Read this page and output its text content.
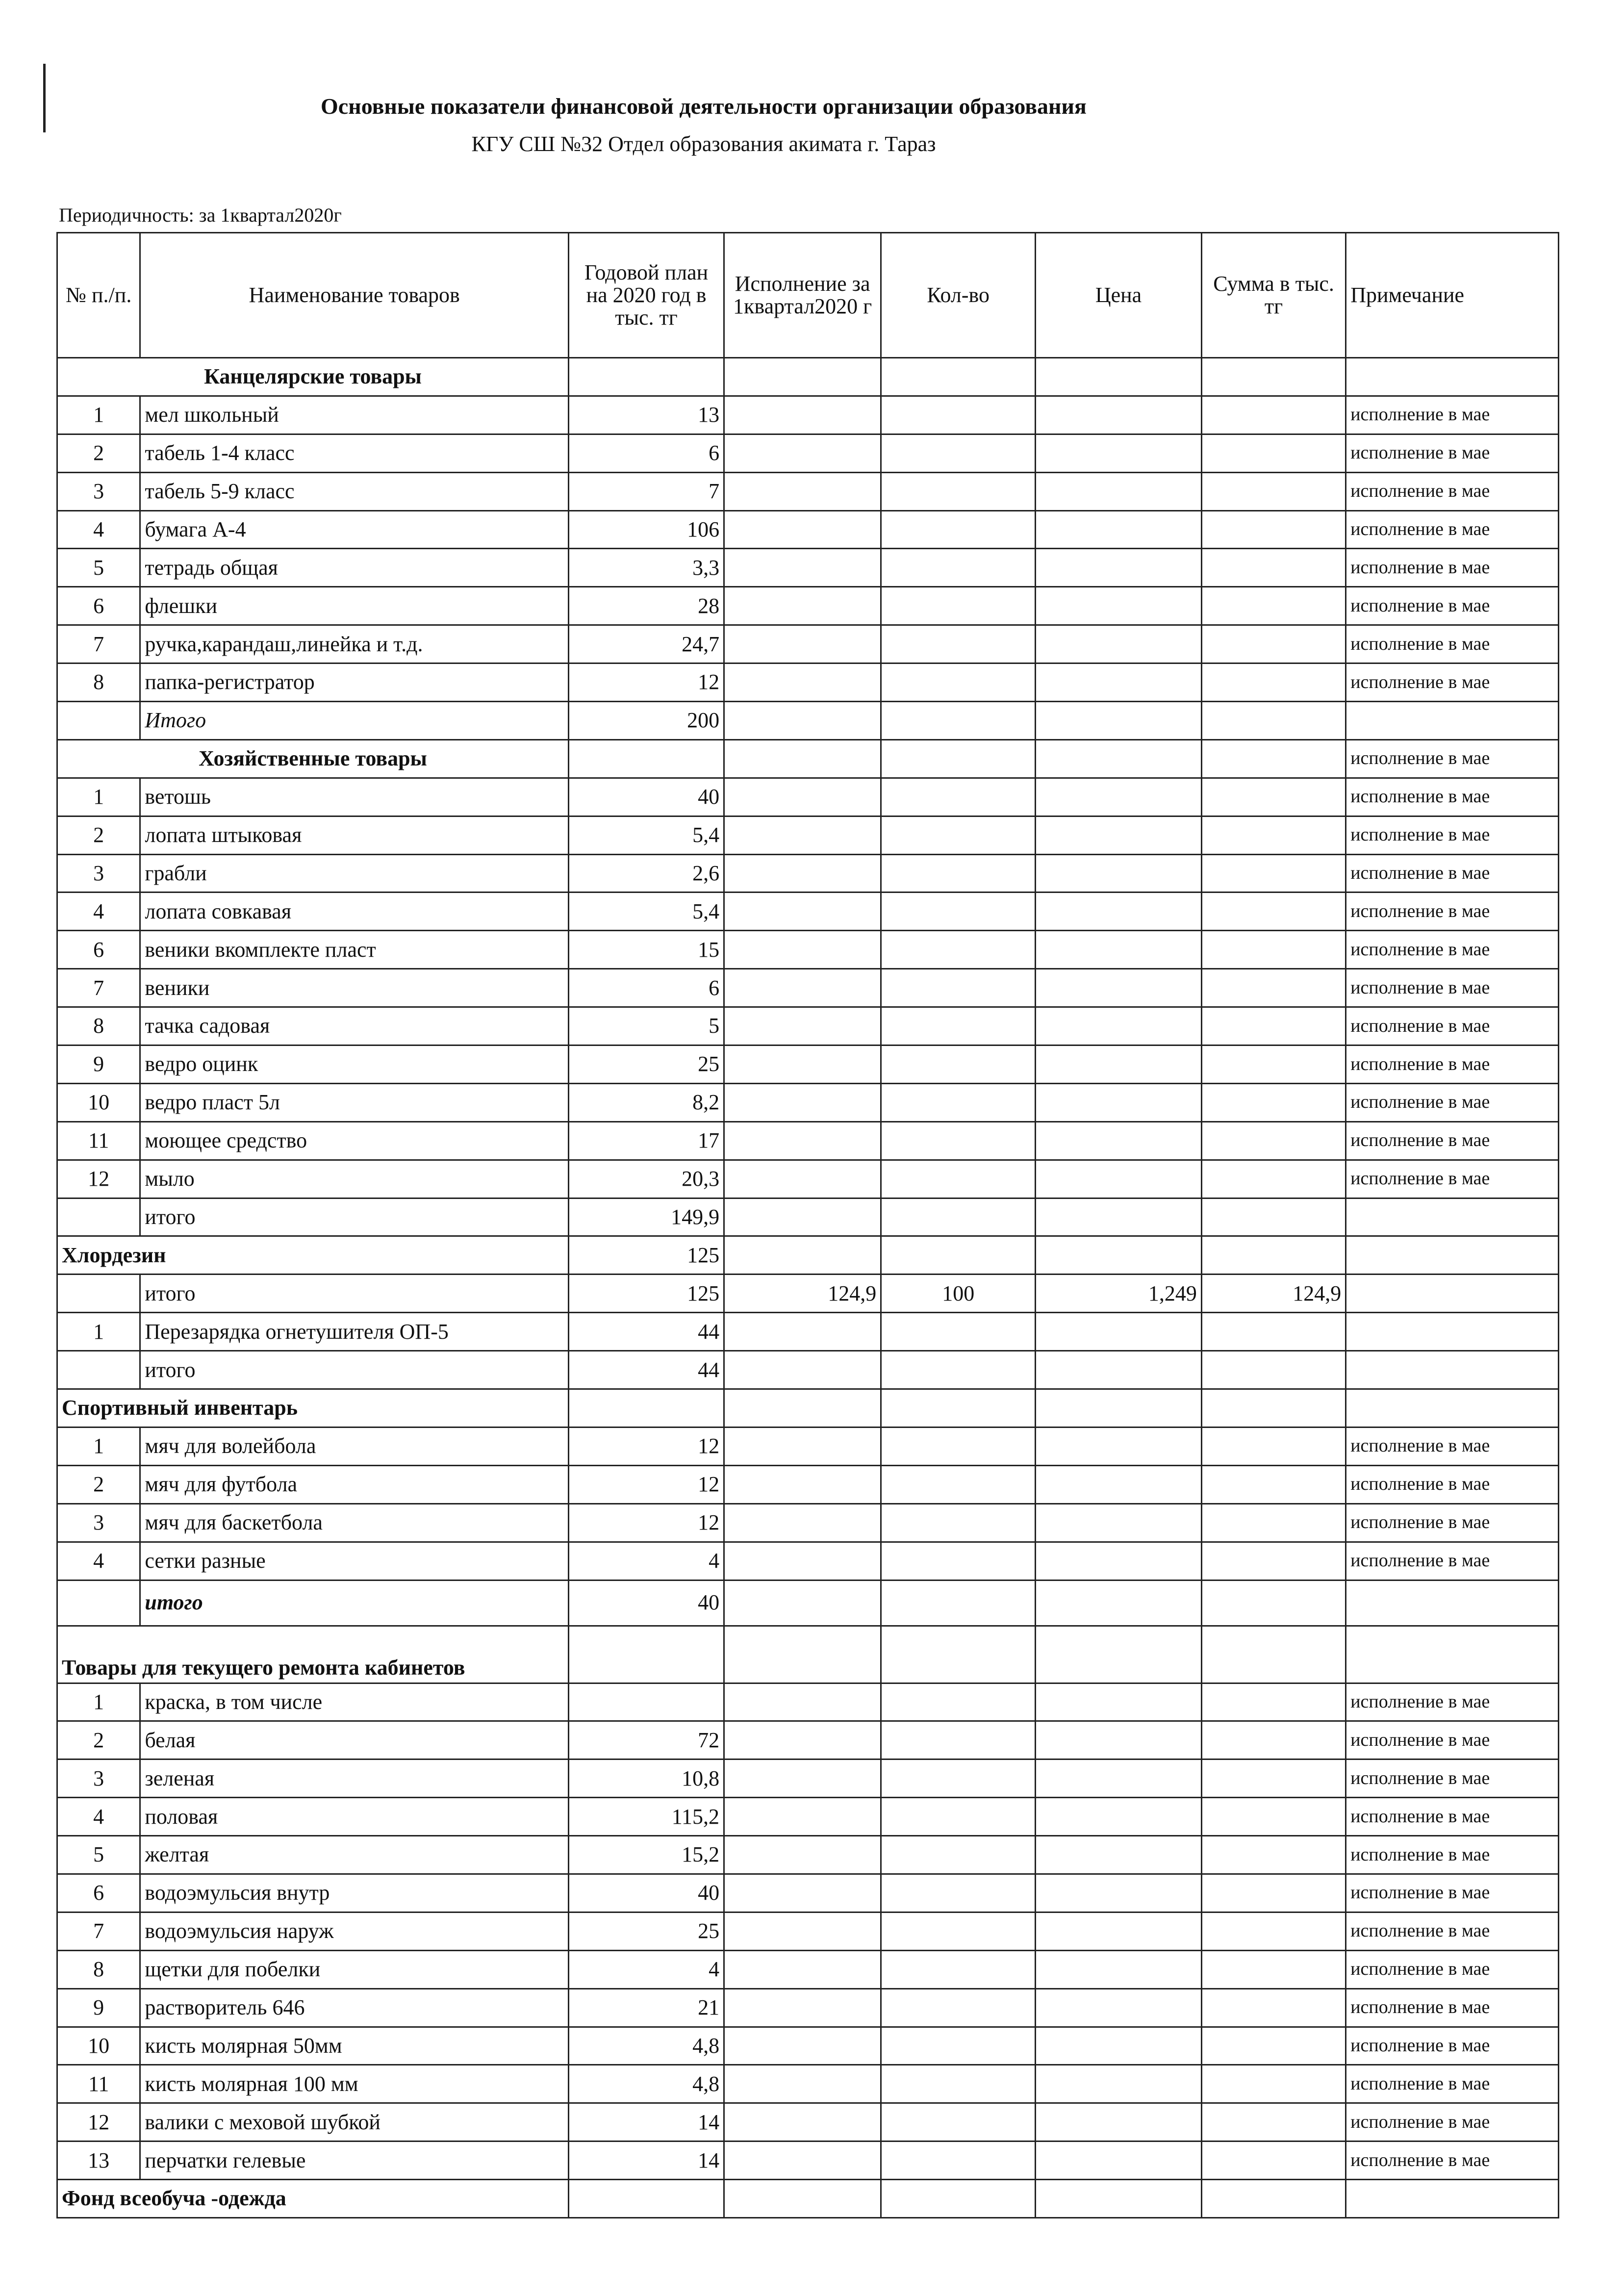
Основные показатели финансовой деятельности организации образования
КГУ СШ №32 Отдел образования акимата г. Тараз
Периодичность: за 1квартал2020г
№ п./п.	Наименование товаров	Годовой план на 2020 год в тыс. тг	Исполнение за 1квартал2020 г	Кол-во	Цена	Сумма в тыс. тг	Примечание
Канцелярские товары							
1	мел школьный	13					исполнение в мае
2	табель 1-4 класс	6					исполнение в мае
3	табель 5-9 класс	7					исполнение в мае
4	бумага А-4	106					исполнение в мае
5	тетрадь общая	3,3					исполнение в мае
6	флешки	28					исполнение в мае
7	ручка,карандаш,линейка и т.д.	24,7					исполнение в мае
8	папка-регистратор	12					исполнение в мае
	Итого	200					
Хозяйственные товары							исполнение в мае
1	ветошь	40					исполнение в мае
2	лопата штыковая	5,4					исполнение в мае
3	грабли	2,6					исполнение в мае
4	лопата совкавая	5,4					исполнение в мае
6	веники вкомплекте пласт	15					исполнение в мае
7	веники	6					исполнение в мае
8	тачка садовая	5					исполнение в мае
9	ведро оцинк	25					исполнение в мае
10	ведро пласт 5л	8,2					исполнение в мае
11	моющее средство	17					исполнение в мае
12	мыло	20,3					исполнение в мае
	итого	149,9					
Хлордезин		125					
	итого	125	124,9	100	1,249	124,9	
1	Перезарядка огнетушителя ОП-5	44					
	итого	44					
Спортивный инвентарь							
1	мяч для волейбола	12					исполнение в мае
2	мяч для футбола	12					исполнение в мае
3	мяч для баскетбола	12					исполнение в мае
4	сетки разные	4					исполнение в мае
	итого	40					
Товары для текущего ремонта кабинетов							
1	краска, в том числе						исполнение в мае
2	белая	72					исполнение в мае
3	зеленая	10,8					исполнение в мае
4	половая	115,2					исполнение в мае
5	желтая	15,2					исполнение в мае
6	водоэмульсия внутр	40					исполнение в мае
7	водоэмульсия наруж	25					исполнение в мае
8	щетки для побелки	4					исполнение в мае
9	растворитель 646	21					исполнение в мае
10	кисть молярная 50мм	4,8					исполнение в мае
11	кисть молярная 100 мм	4,8					исполнение в мае
12	валики с меховой шубкой	14					исполнение в мае
13	перчатки гелевые	14					исполнение в мае
Фонд всеобуча -одежда							
